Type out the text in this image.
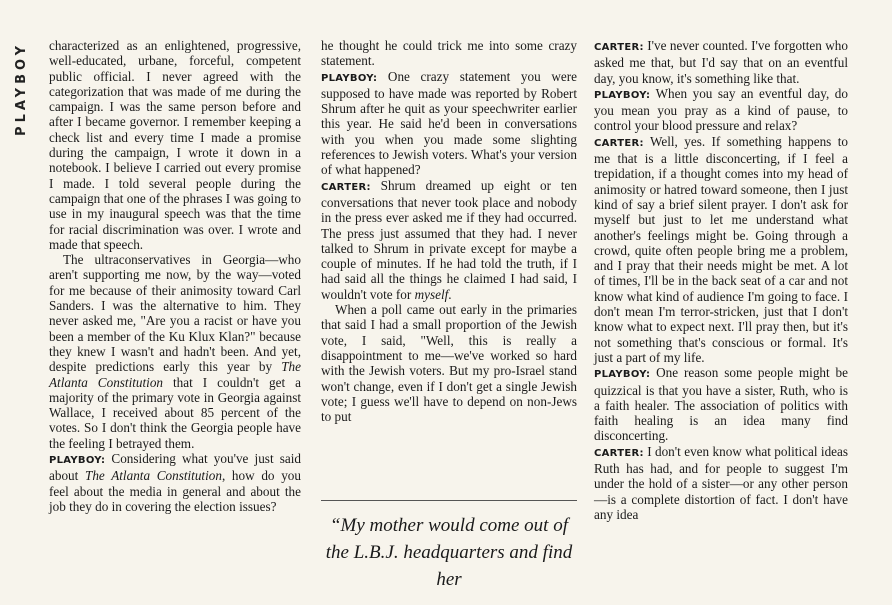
PLAYBOY	characterized as an enlightened, progressive, well-educated, urbane, forceful, competent public official. I never agreed with the categorization that was made of me during the campaign. I was the same person before and after I became governor. I remember keeping a check list and every time I made a promise during the campaign, I wrote it down in a notebook. I believe I carried out every promise I made. I told several people during the campaign that one of the phrases I was going to use in my inaugural speech was that the time for racial discrimination was over. I wrote and made that speech.

The ultraconservatives in Georgia—who aren't supporting me now, by the way—voted for me because of their animosity toward Carl Sanders. I was the alternative to him. They never asked me, "Are you a racist or have you been a member of the Ku Klux Klan?" because they knew I wasn't and hadn't been. And yet, despite predictions early this year by The Atlanta Constitution that I couldn't get a majority of the primary vote in Georgia against Wallace, I received about 85 percent of the votes. So I don't think the Georgia people have the feeling I betrayed them.

PLAYBOY: Considering what you've just said about The Atlanta Constitution, how do you feel about the media in general and about the job they do in covering the election issues?

he thought he could trick me into some crazy statement.

PLAYBOY: One crazy statement you were supposed to have made was reported by Robert Shrum after he quit as your speechwriter earlier this year. He said he'd been in conversations with you when you made some slighting references to Jewish voters. What's your version of what happened?

CARTER: Shrum dreamed up eight or ten conversations that never took place and nobody in the press ever asked me if they had occurred. The press just assumed that they had. I never talked to Shrum in private except for maybe a couple of minutes. If he had told the truth, if I had said all the things he claimed I had said, I wouldn't vote for myself.

When a poll came out early in the primaries that said I had a small proportion of the Jewish vote, I said, "Well, this is really a disappointment to me—we've worked so hard with the Jewish voters. But my pro-Israel stand won't change, even if I don't get a single Jewish vote; I guess we'll have to depend on non-Jews to put

“My mother would come out of the L.B.J. headquarters and find her

CARTER: I've never counted. I've forgotten who asked me that, but I'd say that on an eventful day, you know, it's something like that.

PLAYBOY: When you say an eventful day, do you mean you pray as a kind of pause, to control your blood pressure and relax?

CARTER: Well, yes. If something happens to me that is a little disconcerting, if I feel a trepidation, if a thought comes into my head of animosity or hatred toward someone, then I just kind of say a brief silent prayer. I don't ask for myself but just to let me understand what another's feelings might be. Going through a crowd, quite often people bring me a problem, and I pray that their needs might be met. A lot of times, I'll be in the back seat of a car and not know what kind of audience I'm going to face. I don't mean I'm terror-stricken, just that I don't know what to expect next. I'll pray then, but it's not something that's conscious or formal. It's just a part of my life.

PLAYBOY: One reason some people might be quizzical is that you have a sister, Ruth, who is a faith healer. The association of politics with faith healing is an idea many find disconcerting.

CARTER: I don't even know what political ideas Ruth has had, and for people to suggest I'm under the hold of a sister—or any other person—is a complete distortion of fact. I don't have any idea
